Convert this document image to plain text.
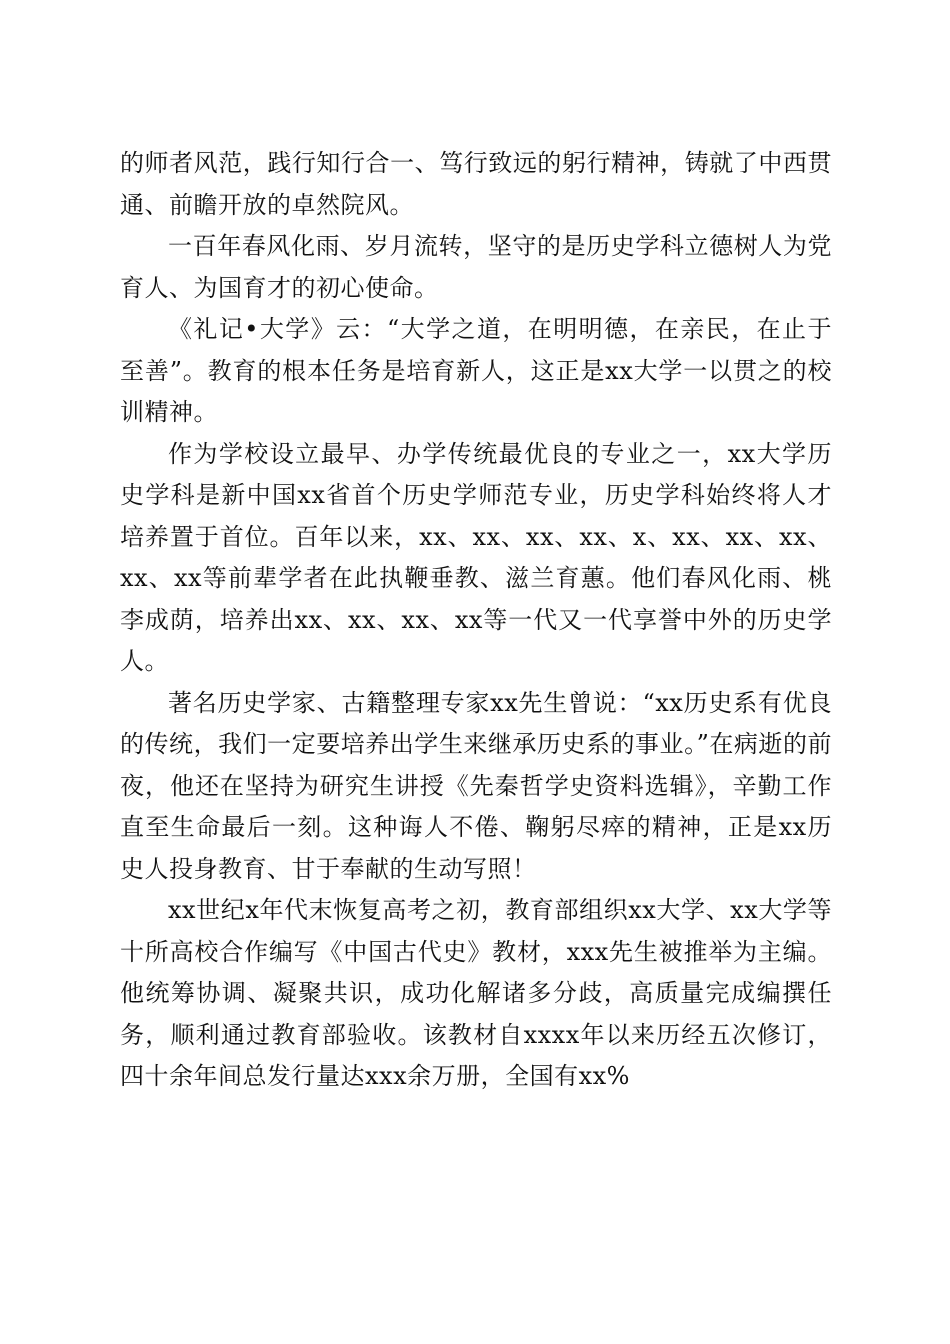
的师者风范，践行知行合一、笃行致远的躬行精神，铸就了中西贯通、前瞻开放的卓然院风。

一百年春风化雨、岁月流转，坚守的是历史学科立德树人为党育人、为国育才的初心使命。

《礼记•大学》云：“大学之道，在明明德，在亲民，在止于至善”。教育的根本任务是培育新人，这正是xx大学一以贯之的校训精神。

作为学校设立最早、办学传统最优良的专业之一，xx大学历史学科是新中国xx省首个历史学师范专业，历史学科始终将人才培养置于首位。百年以来，xx、xx、xx、xx、x、xx、xx、xx、xx、xx等前辈学者在此执鞭垂教、滋兰育蕙。他们春风化雨、桃李成荫，培养出xx、xx、xx、xx等一代又一代享誉中外的历史学人。

著名历史学家、古籍整理专家xx先生曾说：“xx历史系有优良的传统，我们一定要培养出学生来继承历史系的事业。”在病逝的前夜，他还在坚持为研究生讲授《先秦哲学史资料选辑》，辛勤工作直至生命最后一刻。这种诲人不倦、鞠躬尽瘁的精神，正是xx历史人投身教育、甘于奉献的生动写照！

xx世纪x年代末恢复高考之初，教育部组织xx大学、xx大学等十所高校合作编写《中国古代史》教材，xxx先生被推举为主编。他统筹协调、凝聚共识，成功化解诸多分歧，高质量完成编撰任务，顺利通过教育部验收。该教材自xxxx年以来历经五次修订，四十余年间总发行量达xxx余万册，全国有xx%
